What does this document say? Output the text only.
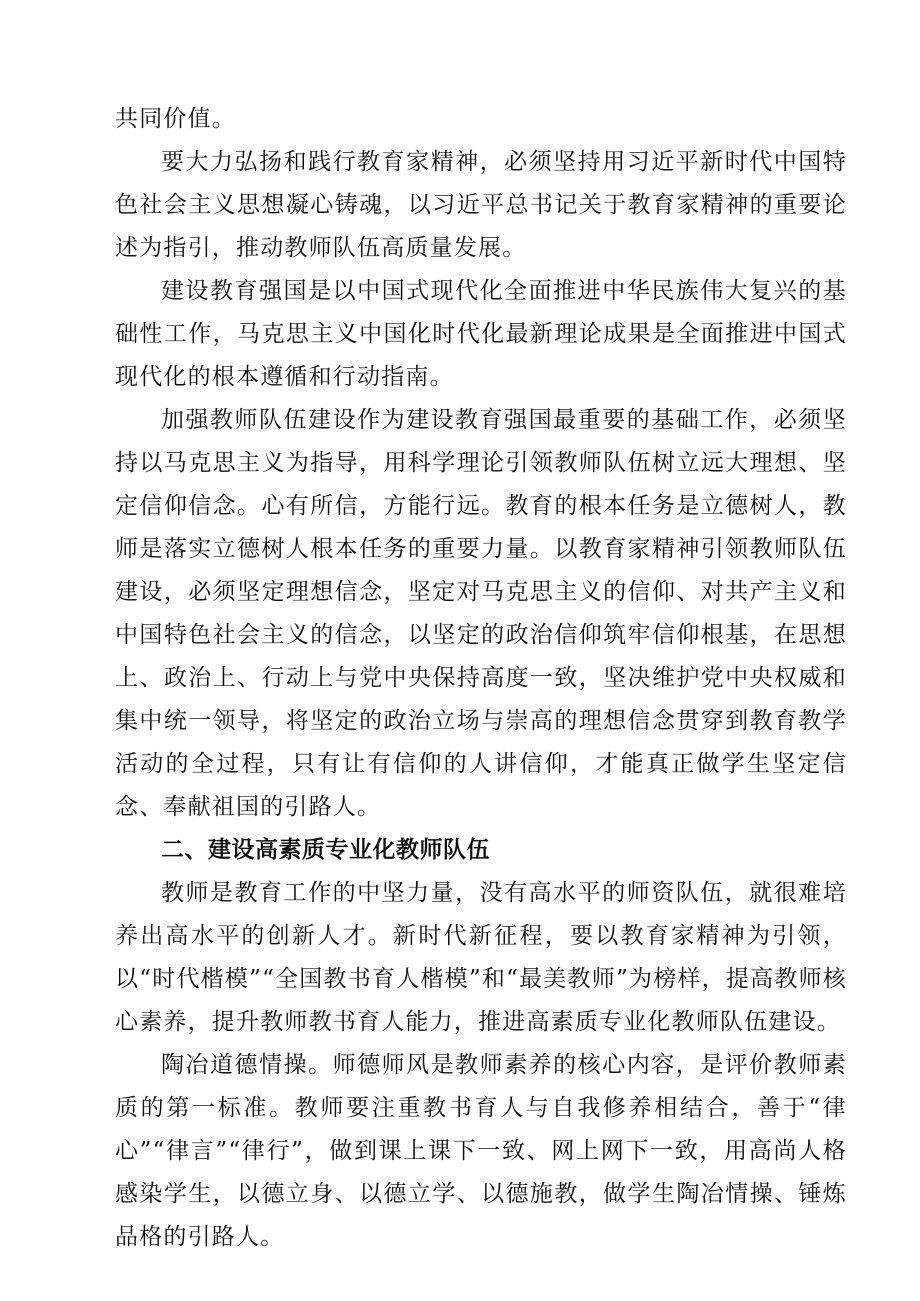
共同价值。

要大力弘扬和践行教育家精神，必须坚持用习近平新时代中国特色社会主义思想凝心铸魂，以习近平总书记关于教育家精神的重要论述为指引，推动教师队伍高质量发展。

建设教育强国是以中国式现代化全面推进中华民族伟大复兴的基础性工作，马克思主义中国化时代化最新理论成果是全面推进中国式现代化的根本遵循和行动指南。

加强教师队伍建设作为建设教育强国最重要的基础工作，必须坚持以马克思主义为指导，用科学理论引领教师队伍树立远大理想、坚定信仰信念。心有所信，方能行远。教育的根本任务是立德树人，教师是落实立德树人根本任务的重要力量。以教育家精神引领教师队伍建设，必须坚定理想信念，坚定对马克思主义的信仰、对共产主义和中国特色社会主义的信念，以坚定的政治信仰筑牢信仰根基，在思想上、政治上、行动上与党中央保持高度一致，坚决维护党中央权威和集中统一领导，将坚定的政治立场与崇高的理想信念贯穿到教育教学活动的全过程，只有让有信仰的人讲信仰，才能真正做学生坚定信念、奉献祖国的引路人。

二、建设高素质专业化教师队伍

教师是教育工作的中坚力量，没有高水平的师资队伍，就很难培养出高水平的创新人才。新时代新征程，要以教育家精神为引领，以“时代楷模”“全国教书育人楷模”和“最美教师”为榜样，提高教师核心素养，提升教师教书育人能力，推进高素质专业化教师队伍建设。

陶冶道德情操。师德师风是教师素养的核心内容，是评价教师素质的第一标准。教师要注重教书育人与自我修养相结合，善于“律心”“律言”“律行”，做到课上课下一致、网上网下一致，用高尚人格感染学生，以德立身、以德立学、以德施教，做学生陶冶情操、锤炼品格的引路人。
